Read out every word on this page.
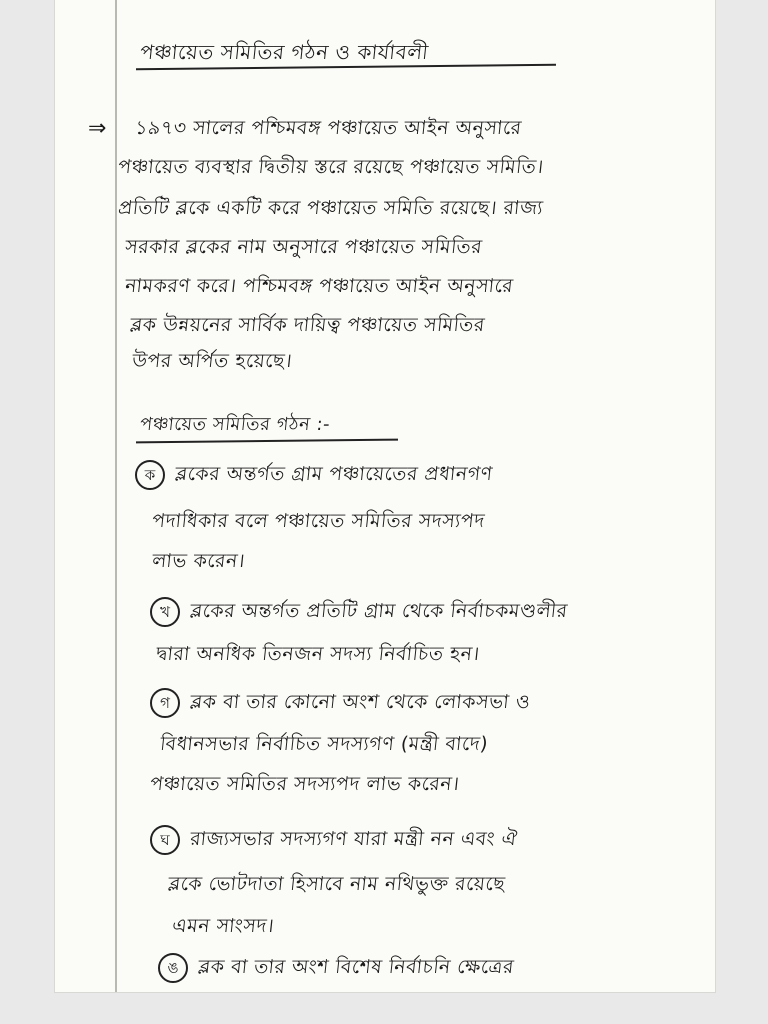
পঞ্চায়েত সমিতির গঠন ও কার্যাবলী
⇒ ১৯৭৩ সালের পশ্চিমবঙ্গ পঞ্চায়েত আইন অনুসারে
পঞ্চায়েত ব্যবস্থার দ্বিতীয় স্তরে রয়েছে পঞ্চায়েত সমিতি।
প্রতিটি ব্লকে একটি করে পঞ্চায়েত সমিতি রয়েছে। রাজ্য
সরকার ব্লকের নাম অনুসারে পঞ্চায়েত সমিতির
নামকরণ করে। পশ্চিমবঙ্গ পঞ্চায়েত আইন অনুসারে
ব্লক উন্নয়নের সার্বিক দায়িত্ব পঞ্চায়েত সমিতির
উপর অর্পিত হয়েছে।
পঞ্চায়েত সমিতির গঠন :-
ক ব্লকের অন্তর্গত গ্রাম পঞ্চায়েতের প্রধানগণ
পদাধিকার বলে পঞ্চায়েত সমিতির সদস্যপদ
লাভ করেন।
খ	ব্লকের অন্তর্গত প্রতিটি গ্রাম থেকে নির্বাচকমণ্ডলীর
দ্বারা অনধিক তিনজন সদস্য নির্বাচিত হন।
গ	ব্লক বা তার কোনো অংশ থেকে লোকসভা ও
বিধানসভার নির্বাচিত সদস্যগণ (মন্ত্রী বাদে)
পঞ্চায়েত সমিতির সদস্যপদ লাভ করেন।
ঘ	রাজ্যসভার সদস্যগণ যারা মন্ত্রী নন এবং ঐ
ব্লকে ভোটদাতা হিসাবে নাম নথিভুক্ত রয়েছে
এমন সাংসদ।
ঙ ব্লক বা তার অংশ বিশেষ নির্বাচনি ক্ষেত্রের
